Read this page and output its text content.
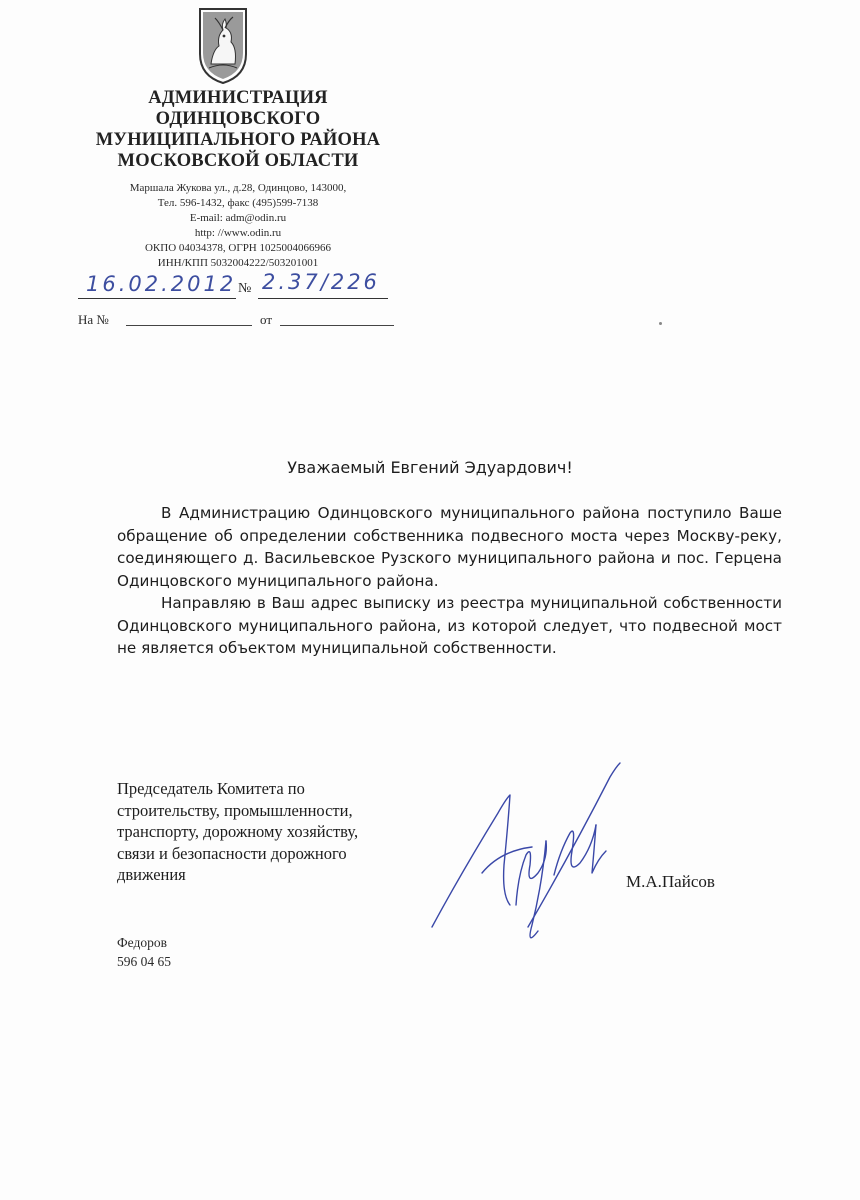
АДМИНИСТРАЦИЯ
ОДИНЦОВСКОГО
МУНИЦИПАЛЬНОГО РАЙОНА
МОСКОВСКОЙ ОБЛАСТИ
Маршала Жукова ул., д.28, Одинцово, 143000,
Тел. 596-1432, факс (495)599-7138
E-mail: adm@odin.ru
http: //www.odin.ru
ОКПО 04034378, ОГРН 1025004066966
ИНН/КПП 5032004222/503201001
16.02.2012 № 2.37/226
На №	от
Уважаемый Евгений Эдуардович!

В Администрацию Одинцовского муниципального района поступило Ваше обращение об определении собственника подвесного моста через Москву-реку, соединяющего д. Васильевское Рузского муниципального района и пос. Герцена Одинцовского муниципального района.

Направляю в Ваш адрес выписку из реестра муниципальной собственности Одинцовского муниципального района, из которой следует, что подвесной мост не является объектом муниципальной собственности.

Председатель Комитета по
строительству, промышленности,
транспорту, дорожному хозяйству,
связи и безопасности дорожного
движения	М.А.Пайсов
Федоров
596 04 65
